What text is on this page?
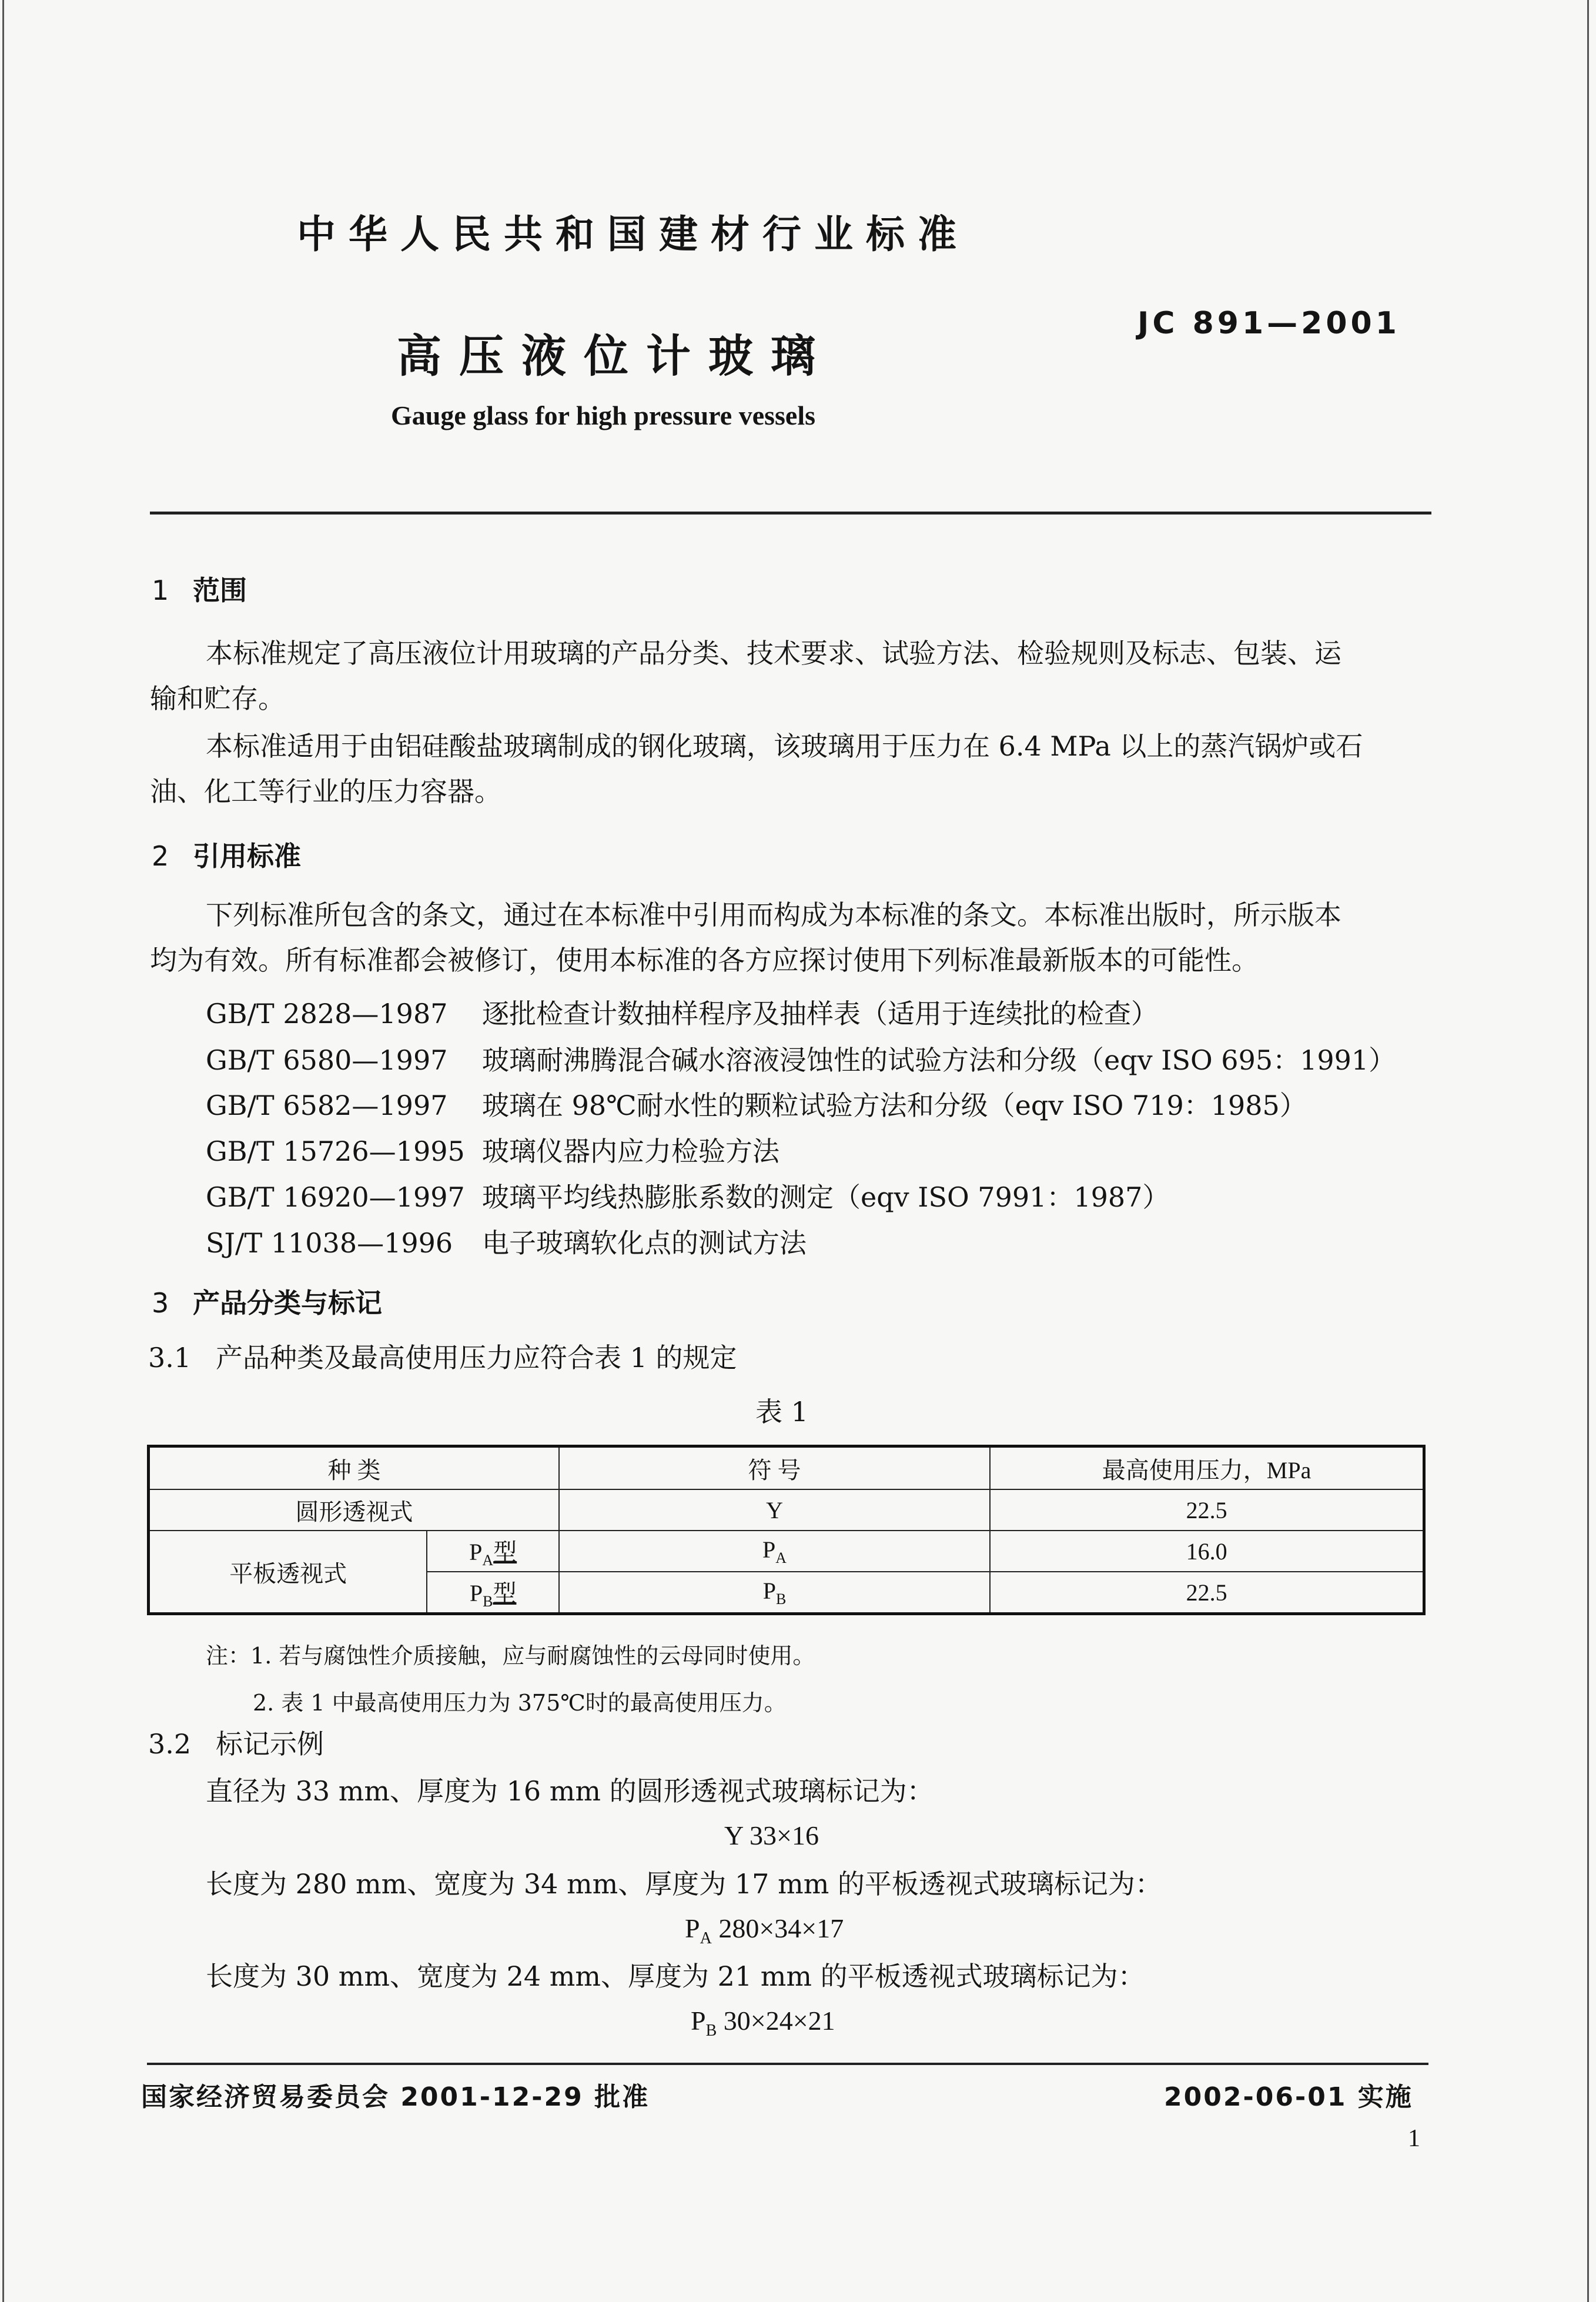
中华人民共和国建材行业标准
JC 891—2001
高压液位计玻璃
Gauge glass for high pressure vessels
1 范围
本标准规定了高压液位计用玻璃的产品分类、技术要求、试验方法、检验规则及标志、包装、运
输和贮存。
本标准适用于由铝硅酸盐玻璃制成的钢化玻璃，该玻璃用于压力在 6.4 MPa 以上的蒸汽锅炉或石
油、化工等行业的压力容器。
2 引用标准
下列标准所包含的条文，通过在本标准中引用而构成为本标准的条文。本标准出版时，所示版本
均为有效。所有标准都会被修订，使用本标准的各方应探讨使用下列标准最新版本的可能性。
GB/T 2828—1987 逐批检查计数抽样程序及抽样表（适用于连续批的检查）
GB/T 6580—1997 玻璃耐沸腾混合碱水溶液浸蚀性的试验方法和分级（eqv ISO 695：1991）
GB/T 6582—1997 玻璃在 98℃耐水性的颗粒试验方法和分级（eqv ISO 719：1985）
GB/T 15726—1995 玻璃仪器内应力检验方法
GB/T 16920—1997 玻璃平均线热膨胀系数的测定（eqv ISO 7991：1987）
SJ/T 11038—1996 电子玻璃软化点的测试方法
3 产品分类与标记
3.1 产品种类及最高使用压力应符合表 1 的规定
表 1
种 类		符 号	最高使用压力，MPa
圆形透视式		Y	22.5
平板透视式	$P_A$型	$P_A$	16.0
	$P_B$型	$P_B$	22.5
注：1. 若与腐蚀性介质接触，应与耐腐蚀性的云母同时使用。
2. 表 1 中最高使用压力为 375℃时的最高使用压力。
3.2 标记示例
直径为 33 mm、厚度为 16 mm 的圆形透视式玻璃标记为：
Y 33×16
长度为 280 mm、宽度为 34 mm、厚度为 17 mm 的平板透视式玻璃标记为：
$P_A$ 280×34×17
长度为 30 mm、宽度为 24 mm、厚度为 21 mm 的平板透视式玻璃标记为：
$P_B$ 30×24×21
国家经济贸易委员会 2001-12-29 批准	2002-06-01 实施
1
